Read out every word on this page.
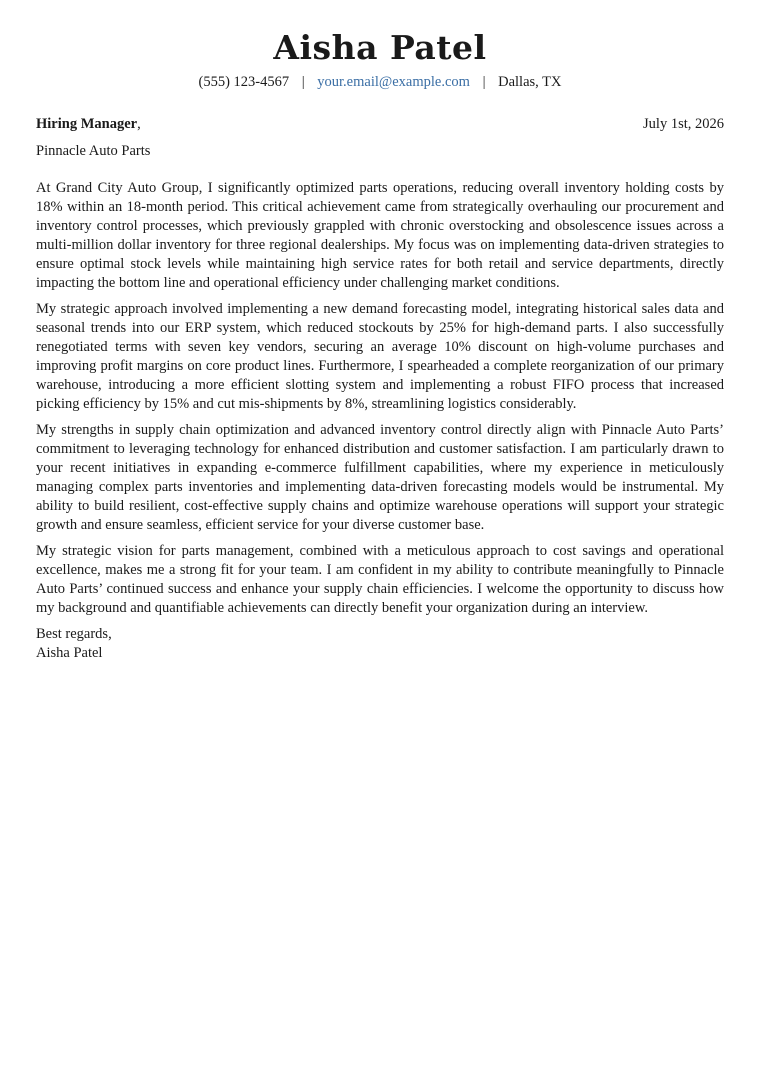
Aisha Patel
(555) 123-4567 | your.email@example.com | Dallas, TX
Hiring Manager,	July 1st, 2026
Pinnacle Auto Parts

At Grand City Auto Group, I significantly optimized parts operations, reducing overall inventory holding costs by 18% within an 18-month period. This critical achievement came from strategically overhauling our procurement and inventory control processes, which previously grappled with chronic overstocking and obsolescence issues across a multi-million dollar inventory for three regional dealerships. My focus was on implementing data-driven strategies to ensure optimal stock levels while maintaining high service rates for both retail and service departments, directly impacting the bottom line and operational efficiency under challenging market conditions.

My strategic approach involved implementing a new demand forecasting model, integrating historical sales data and seasonal trends into our ERP system, which reduced stockouts by 25% for high-demand parts. I also successfully renegotiated terms with seven key vendors, securing an average 10% discount on high-volume purchases and improving profit margins on core product lines. Furthermore, I spearheaded a complete reorganization of our primary warehouse, introducing a more efficient slotting system and implementing a robust FIFO process that increased picking efficiency by 15% and cut mis-shipments by 8%, streamlining logistics considerably.

My strengths in supply chain optimization and advanced inventory control directly align with Pinnacle Auto Parts’ commitment to leveraging technology for enhanced distribution and customer satisfaction. I am particularly drawn to your recent initiatives in expanding e-commerce fulfillment capabilities, where my experience in meticulously managing complex parts inventories and implementing data-driven forecasting models would be instrumental. My ability to build resilient, cost-effective supply chains and optimize warehouse operations will support your strategic growth and ensure seamless, efficient service for your diverse customer base.

My strategic vision for parts management, combined with a meticulous approach to cost savings and operational excellence, makes me a strong fit for your team. I am confident in my ability to contribute meaningfully to Pinnacle Auto Parts’ continued success and enhance your supply chain efficiencies. I welcome the opportunity to discuss how my background and quantifiable achievements can directly benefit your organization during an interview.

Best regards,
Aisha Patel
